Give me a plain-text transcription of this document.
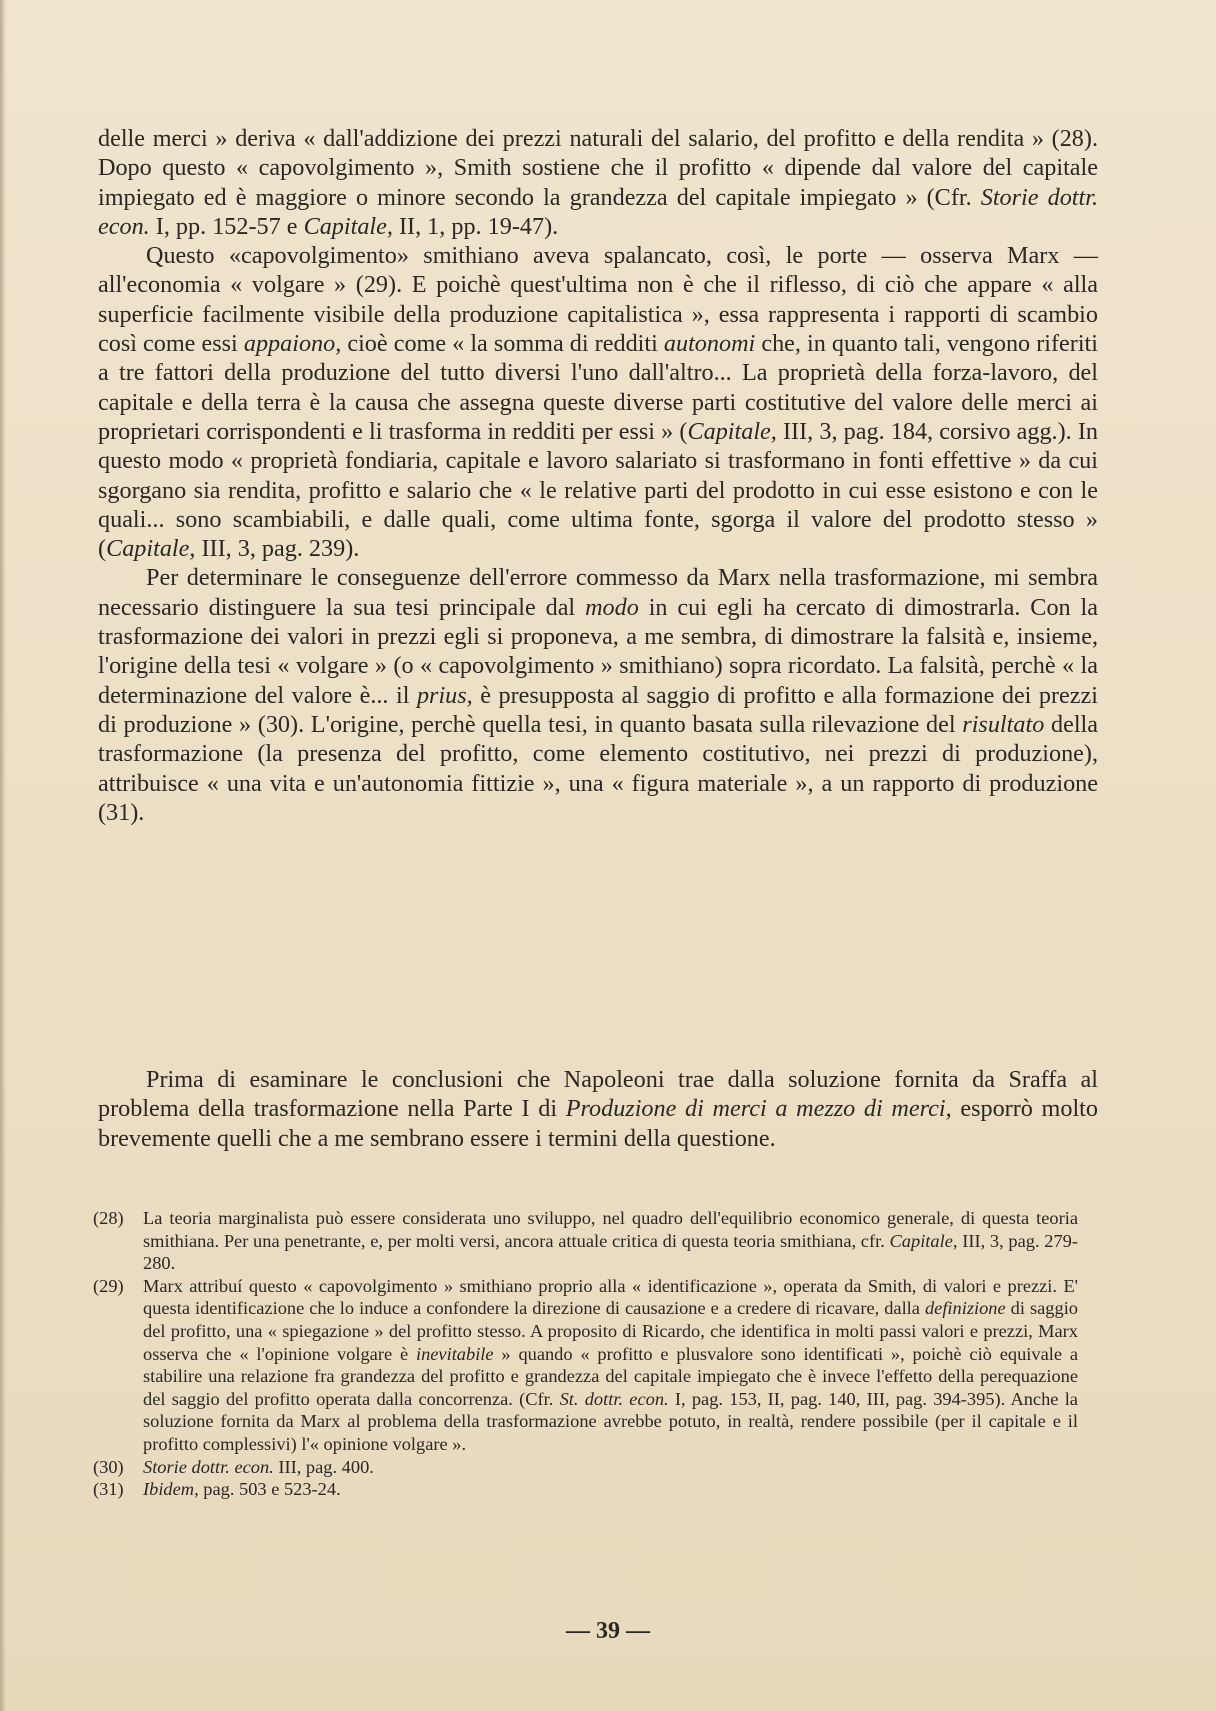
delle merci » deriva « dall'addizione dei prezzi naturali del salario, del profitto e della rendita » (28). Dopo questo « capovolgimento », Smith sostiene che il profitto « dipende dal valore del capitale impiegato ed è maggiore o minore secondo la grandezza del capitale impiegato » (Cfr. Storie dottr. econ. I, pp. 152-57 e Capitale, II, 1, pp. 19-47).

Questo «capovolgimento» smithiano aveva spalancato, così, le porte — osserva Marx — all'economia « volgare » (29). E poichè quest'ultima non è che il riflesso, di ciò che appare « alla superficie facilmente visibile della produzione capitalistica », essa rappresenta i rapporti di scambio così come essi appaiono, cioè come « la somma di redditi autonomi che, in quanto tali, vengono riferiti a tre fattori della produzione del tutto diversi l'uno dall'altro... La proprietà della forza-lavoro, del capitale e della terra è la causa che assegna queste diverse parti costitutive del valore delle merci ai proprietari corrispondenti e li trasforma in redditi per essi » (Capitale, III, 3, pag. 184, corsivo agg.). In questo modo « proprietà fondiaria, capitale e lavoro salariato si trasformano in fonti effettive » da cui sgorgano sia rendita, profitto e salario che « le relative parti del prodotto in cui esse esistono e con le quali... sono scambiabili, e dalle quali, come ultima fonte, sgorga il valore del prodotto stesso » (Capitale, III, 3, pag. 239).

Per determinare le conseguenze dell'errore commesso da Marx nella trasformazione, mi sembra necessario distinguere la sua tesi principale dal modo in cui egli ha cercato di dimostrarla. Con la trasformazione dei valori in prezzi egli si proponeva, a me sembra, di dimostrare la falsità e, insieme, l'origine della tesi « volgare » (o « capovolgimento » smithiano) sopra ricordato. La falsità, perchè « la determinazione del valore è... il prius, è presupposta al saggio di profitto e alla formazione dei prezzi di produzione » (30). L'origine, perchè quella tesi, in quanto basata sulla rilevazione del risultato della trasformazione (la presenza del profitto, come elemento costitutivo, nei prezzi di produzione), attribuisce « una vita e un'autonomia fittizie », una « figura materiale », a un rapporto di produzione (31).

Prima di esaminare le conclusioni che Napoleoni trae dalla soluzione fornita da Sraffa al problema della trasformazione nella Parte I di Produzione di merci a mezzo di merci, esporrò molto brevemente quelli che a me sembrano essere i termini della questione.

(28)	La teoria marginalista può essere considerata uno sviluppo, nel quadro dell'equilibrio economico generale, di questa teoria smithiana. Per una penetrante, e, per molti versi, ancora attuale critica di questa teoria smithiana, cfr. Capitale, III, 3, pag. 279-280.
(29)	Marx attribuí questo « capovolgimento » smithiano proprio alla « identificazione », operata da Smith, di valori e prezzi. E' questa identificazione che lo induce a confondere la direzione di causazione e a credere di ricavare, dalla definizione di saggio del profitto, una « spiegazione » del profitto stesso. A proposito di Ricardo, che identifica in molti passi valori e prezzi, Marx osserva che « l'opinione volgare è inevitabile » quando « profitto e plusvalore sono identificati », poichè ciò equivale a stabilire una relazione fra grandezza del profitto e grandezza del capitale impiegato che è invece l'effetto della perequazione del saggio del profitto operata dalla concorrenza. (Cfr. St. dottr. econ. I, pag. 153, II, pag. 140, III, pag. 394-395). Anche la soluzione fornita da Marx al problema della trasformazione avrebbe potuto, in realtà, rendere possibile (per il capitale e il profitto complessivi) l'« opinione volgare ».
(30)	Storie dottr. econ. III, pag. 400.
(31)	Ibidem, pag. 503 e 523-24.
— 39 —
